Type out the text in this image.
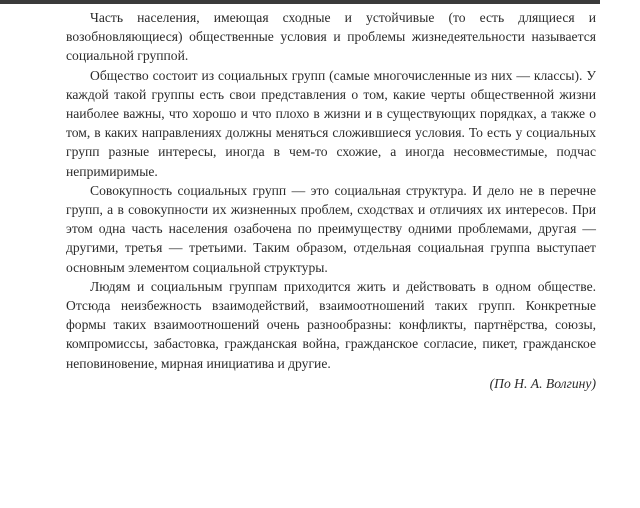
Часть населения, имеющая сходные и устойчивые (то есть длящиеся и возобновляющиеся) общественные условия и проблемы жизнедеятельности называется социальной группой.

Общество состоит из социальных групп (самые многочисленные из них — классы). У каждой такой группы есть свои представления о том, какие черты общественной жизни наиболее важны, что хорошо и что плохо в жизни и в существующих порядках, а также о том, в каких направлениях должны меняться сложившиеся условия. То есть у социальных групп разные интересы, иногда в чем-то схожие, а иногда несовместимые, подчас непримиримые.

Совокупность социальных групп — это социальная структура. И дело не в перечне групп, а в совокупности их жизненных проблем, сходствах и отличиях их интересов. При этом одна часть населения озабочена по преимуществу одними проблемами, другая — другими, третья — третьими. Таким образом, отдельная социальная группа выступает основным элементом социальной структуры.

Людям и социальным группам приходится жить и действовать в одном обществе. Отсюда неизбежность взаимодействий, взаимоотношений таких групп. Конкретные формы таких взаимоотношений очень разнообразны: конфликты, партнёрства, союзы, компромиссы, забастовка, гражданская война, гражданское согласие, пикет, гражданское неповиновение, мирная инициатива и другие.

(По Н. А. Волгину)
